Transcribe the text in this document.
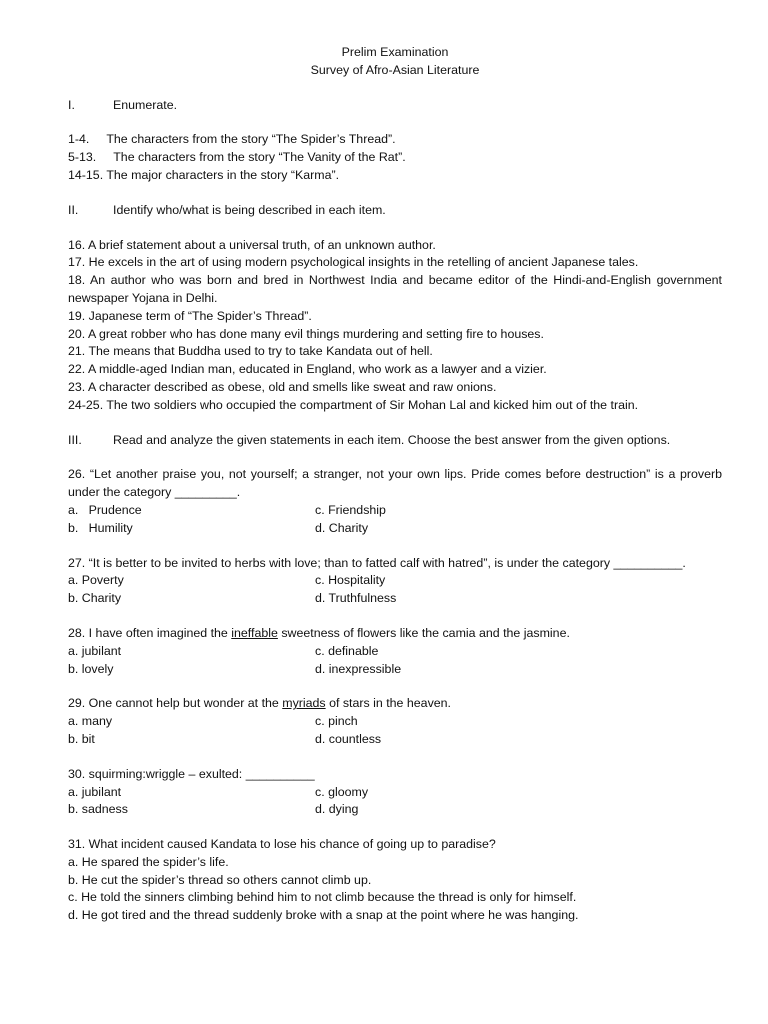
Prelim Examination

Survey of Afro-Asian Literature

I.	Enumerate.

1-4.     The characters from the story “The Spider’s Thread”.

5-13.     The characters from the story “The Vanity of the Rat”.

14-15. The major characters in the story “Karma”.

II.	Identify who/what is being described in each item.

16. A brief statement about a universal truth, of an unknown author.

17. He excels in the art of using modern psychological insights in the retelling of ancient Japanese tales.

18. An author who was born and bred in Northwest India and became editor of the Hindi-and-English government newspaper Yojana in Delhi.

19. Japanese term of “The Spider’s Thread”.

20. A great robber who has done many evil things murdering and setting fire to houses.

21. The means that Buddha used to try to take Kandata out of hell.

22. A middle-aged Indian man, educated in England, who work as a lawyer and a vizier.

23. A character described as obese, old and smells like sweat and raw onions.

24-25. The two soldiers who occupied the compartment of Sir Mohan Lal and kicked him out of the train.

III.	Read and analyze the given statements in each item. Choose the best answer from the given options.

26. “Let another praise you, not yourself; a stranger, not your own lips. Pride comes before destruction” is a proverb under the category _________.

a.   Prudence	c. Friendship
b.   Humility	d. Charity

27. “It is better to be invited to herbs with love; than to fatted calf with hatred”, is under the category __________.

a. Poverty	c. Hospitality
b. Charity	d. Truthfulness

28. I have often imagined the ineffable sweetness of flowers like the camia and the jasmine.

a. jubilant	c. definable
b. lovely	d. inexpressible

29. One cannot help but wonder at the myriads of stars in the heaven.

a. many	c. pinch
b. bit	d. countless

30. squirming:wriggle – exulted: __________

a. jubilant	c. gloomy
b. sadness	d. dying

31. What incident caused Kandata to lose his chance of going up to paradise?

a. He spared the spider’s life.

b. He cut the spider’s thread so others cannot climb up.

c. He told the sinners climbing behind him to not climb because the thread is only for himself.

d. He got tired and the thread suddenly broke with a snap at the point where he was hanging.
